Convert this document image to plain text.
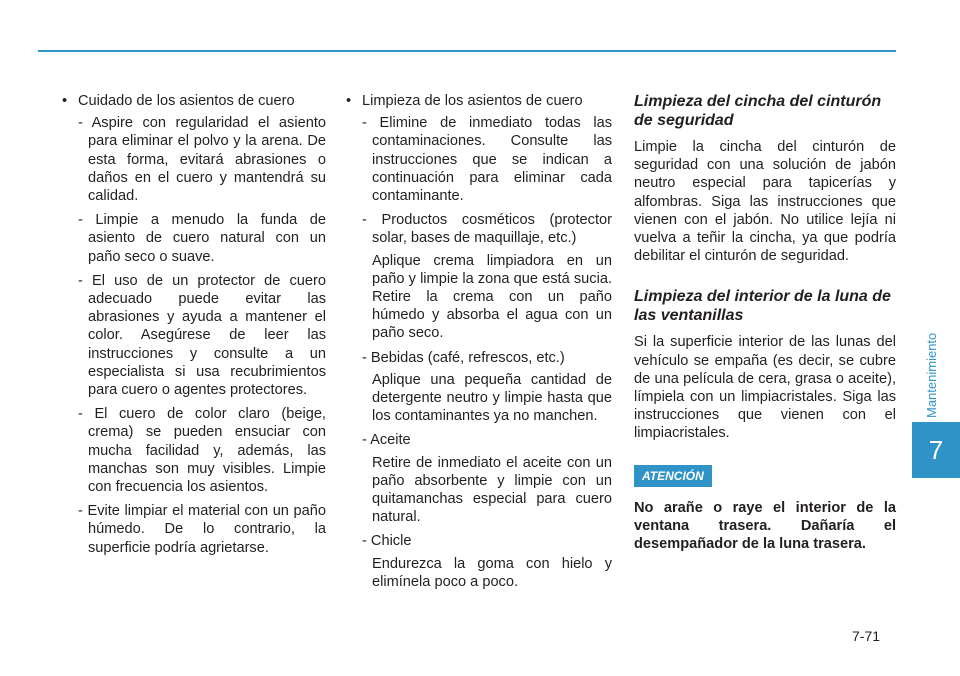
Mantenimiento
7
• Cuidado de los asientos de cuero
- Aspire con regularidad el asiento para eliminar el polvo y la arena. De esta forma, evitará abrasiones o daños en el cuero y mantendrá su calidad.
- Limpie a menudo la funda de asiento de cuero natural con un paño seco o suave.
- El uso de un protector de cuero adecuado puede evitar las abrasiones y ayuda a mantener el color. Asegúrese de leer las instrucciones y consulte a un especialista si usa recubrimientos para cuero o agentes protectores.
- El cuero de color claro (beige, crema) se pueden ensuciar con mucha facilidad y, además, las manchas son muy visibles. Limpie con frecuencia los asientos.
- Evite limpiar el material con un paño húmedo. De lo contrario, la superficie podría agrietarse.
• Limpieza de los asientos de cuero
- Elimine de inmediato todas las contaminaciones. Consulte las instrucciones que se indican a continuación para eliminar cada contaminante.
- Productos cosméticos (protector solar, bases de maquillaje, etc.)
Aplique crema limpiadora en un paño y limpie la zona que está sucia. Retire la crema con un paño húmedo y absorba el agua con un paño seco.
- Bebidas (café, refrescos, etc.)
Aplique una pequeña cantidad de detergente neutro y limpie hasta que los contaminantes ya no manchen.
- Aceite
Retire de inmediato el aceite con un paño absorbente y limpie con un quitamanchas especial para cuero natural.
- Chicle
Endurezca la goma con hielo y elimínela poco a poco.
Limpieza del cincha del cinturón de seguridad
Limpie la cincha del cinturón de seguridad con una solución de jabón neutro especial para tapicerías y alfombras. Siga las instrucciones que vienen con el jabón. No utilice lejía ni vuelva a teñir la cincha, ya que podría debilitar el cinturón de seguridad.
Limpieza del interior de la luna de las ventanillas
Si la superficie interior de las lunas del vehículo se empaña (es decir, se cubre de una película de cera, grasa o aceite), límpiela con un limpiacristales. Siga las instrucciones que vienen con el limpiacristales.
ATENCIÓN
No arañe o raye el interior de la ventana trasera. Dañaría el desempañador de la luna trasera.
7-71
